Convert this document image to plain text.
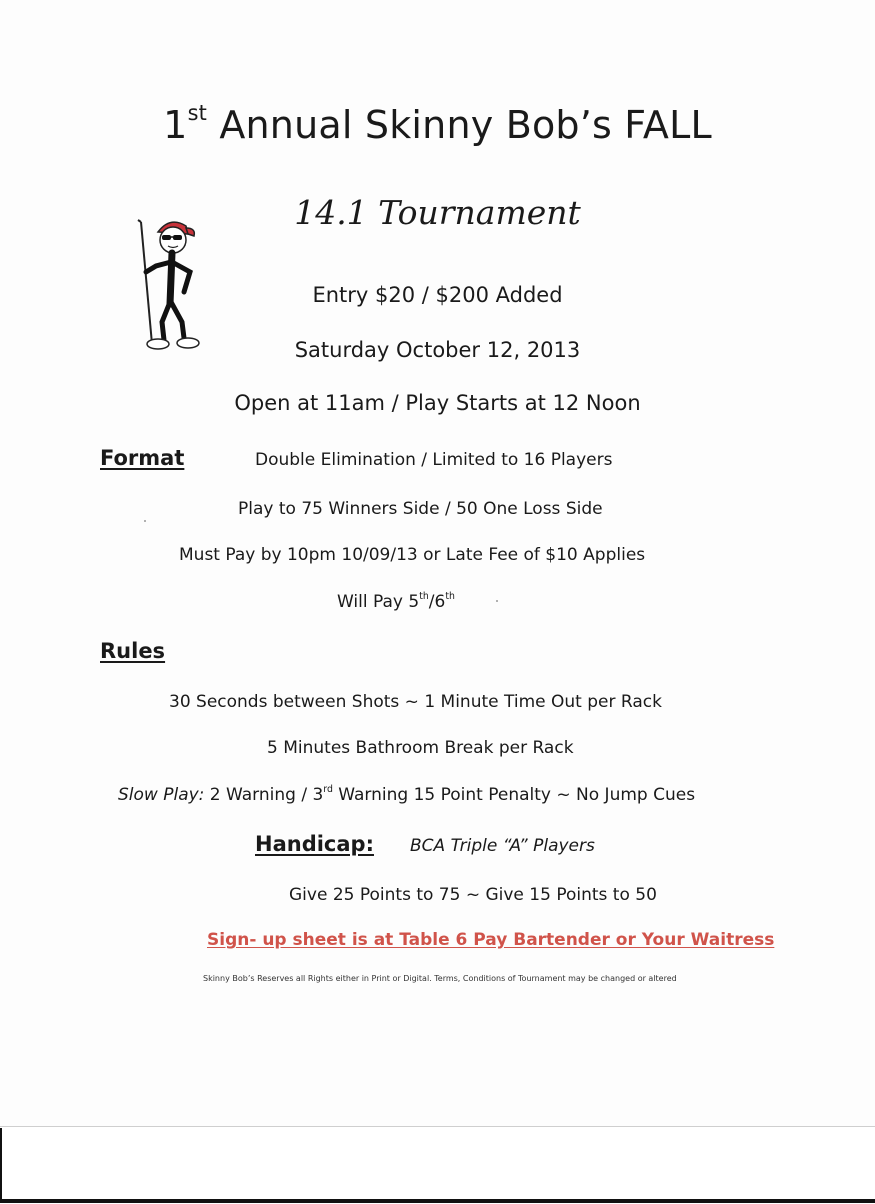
1st Annual Skinny Bob’s FALL
14.1 Tournament
Entry $20 / $200 Added
Saturday October 12, 2013
Open at 11am / Play Starts at 12 Noon
Format	Double Elimination / Limited to 16 Players
Play to 75 Winners Side / 50 One Loss Side
Must Pay by 10pm 10/09/13 or Late Fee of $10 Applies
Will Pay 5th/6th
Rules
30 Seconds between Shots ~ 1 Minute Time Out per Rack
5 Minutes Bathroom Break per Rack
Slow Play: 2 Warning / 3rd Warning 15 Point Penalty ~ No Jump Cues
Handicap: BCA Triple “A” Players
Give 25 Points to 75 ~ Give 15 Points to 50
Sign- up sheet is at Table 6 Pay Bartender or Your Waitress
Skinny Bob’s Reserves all Rights either in Print or Digital. Terms, Conditions of Tournament may be changed or altered
